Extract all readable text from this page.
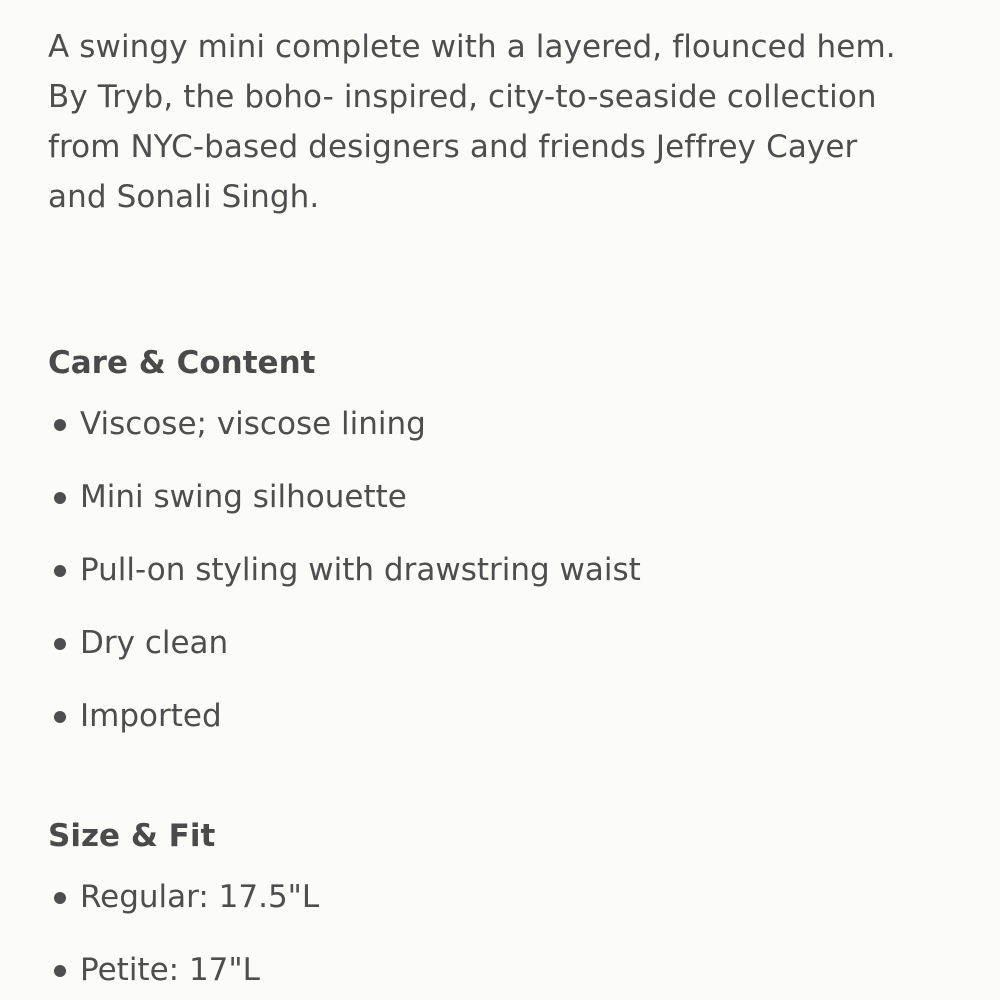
A swingy mini complete with a layered, flounced hem.
By Tryb, the boho- inspired, city-to-seaside collection
from NYC-based designers and friends Jeffrey Cayer
and Sonali Singh.

Care & Content
Viscose; viscose lining
Mini swing silhouette
Pull-on styling with drawstring waist
Dry clean
Imported
Size & Fit
Regular: 17.5"L
Petite: 17"L
